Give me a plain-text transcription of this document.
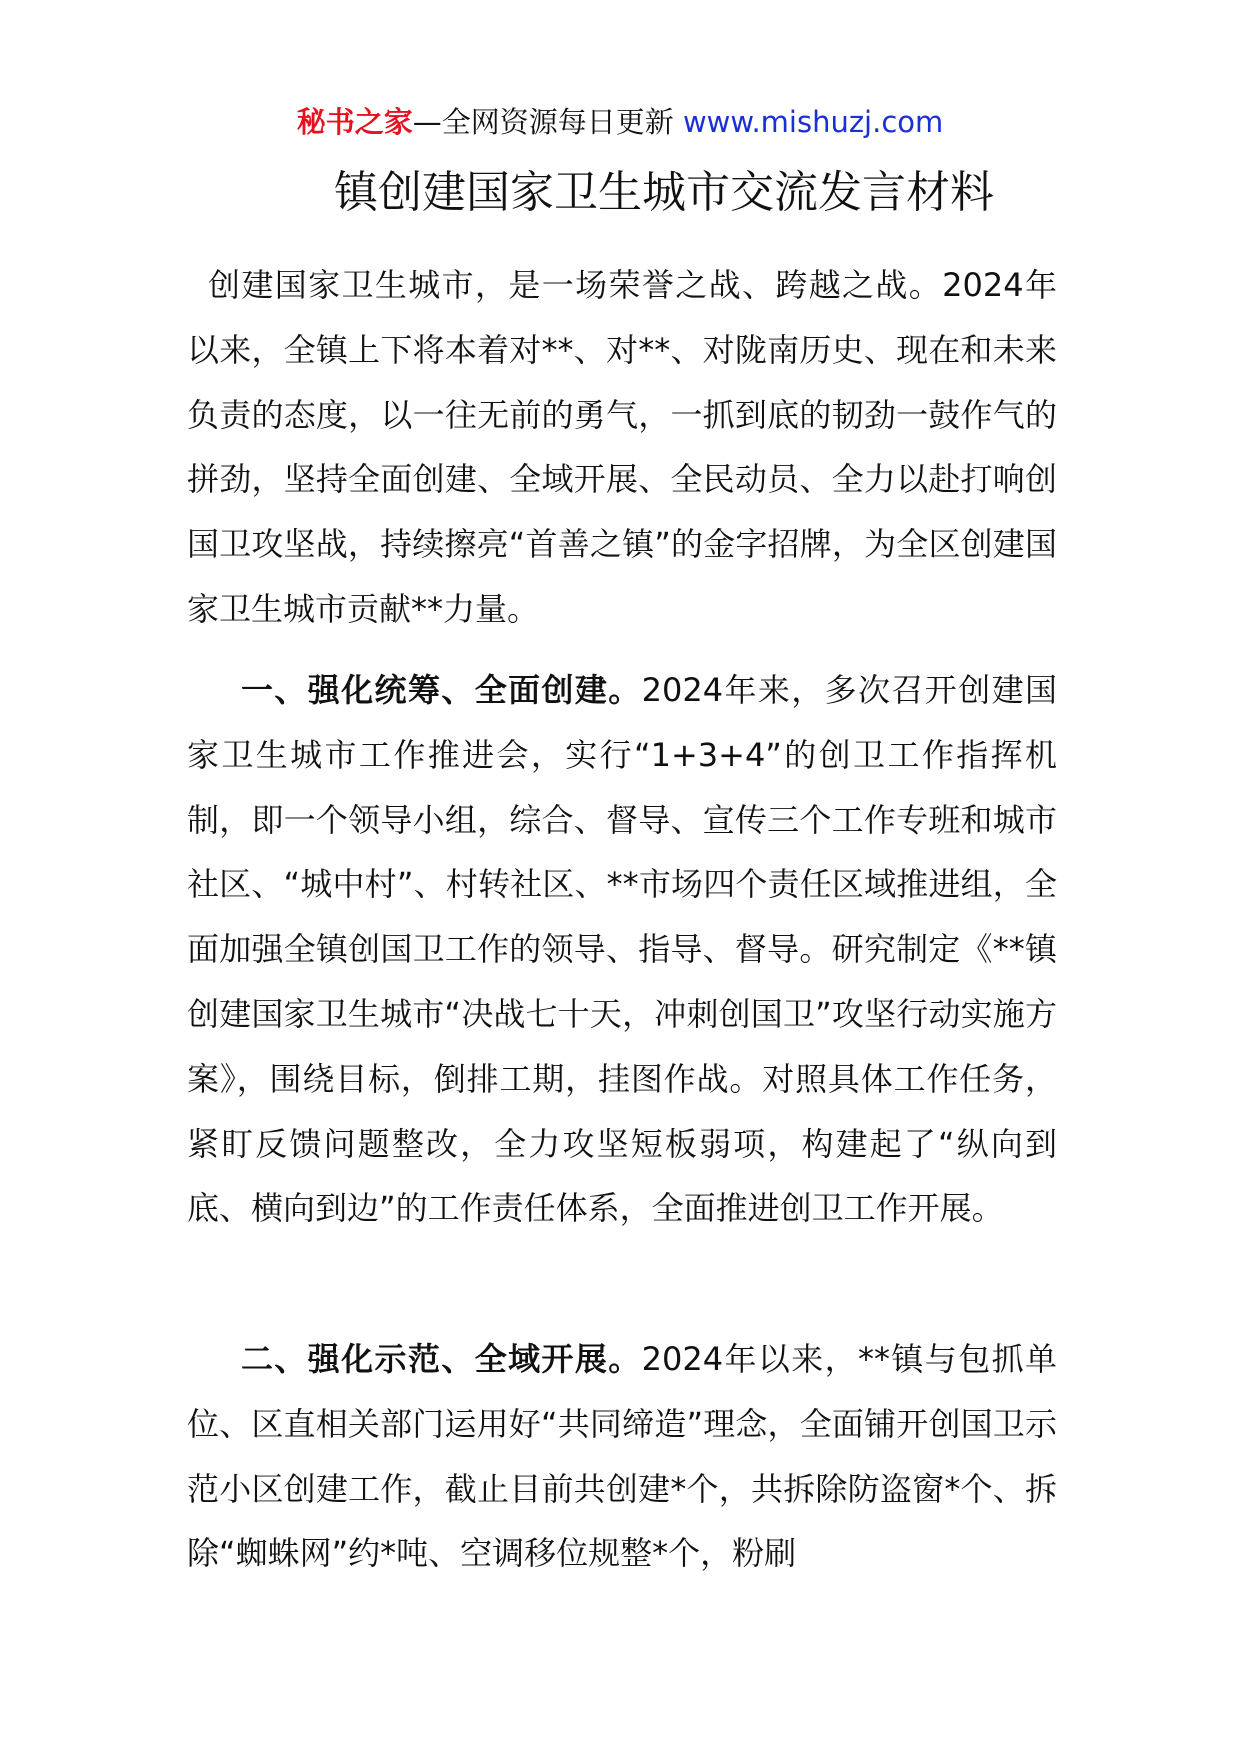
秘书之家—全网资源每日更新 www.mishuzj.com
镇创建国家卫生城市交流发言材料

创建国家卫生城市，是一场荣誉之战、跨越之战。2024年以来，全镇上下将本着对**、对**、对陇南历史、现在和未来负责的态度，以一往无前的勇气，一抓到底的韧劲一鼓作气的拼劲，坚持全面创建、全域开展、全民动员、全力以赴打响创国卫攻坚战，持续擦亮“首善之镇”的金字招牌，为全区创建国家卫生城市贡献**力量。

一、强化统筹、全面创建。2024年来，多次召开创建国家卫生城市工作推进会，实行“1+3+4”的创卫工作指挥机制，即一个领导小组，综合、督导、宣传三个工作专班和城市社区、“城中村”、村转社区、**市场四个责任区域推进组，全面加强全镇创国卫工作的领导、指导、督导。研究制定《**镇创建国家卫生城市“决战七十天，冲刺创国卫”攻坚行动实施方案》，围绕目标，倒排工期，挂图作战。对照具体工作任务，紧盯反馈问题整改，全力攻坚短板弱项，构建起了“纵向到底、横向到边”的工作责任体系，全面推进创卫工作开展。

二、强化示范、全域开展。2024年以来，**镇与包抓单位、区直相关部门运用好“共同缔造”理念，全面铺开创国卫示范小区创建工作，截止目前共创建*个，共拆除防盗窗*个、拆除“蜘蛛网”约*吨、空调移位规整*个，粉刷
